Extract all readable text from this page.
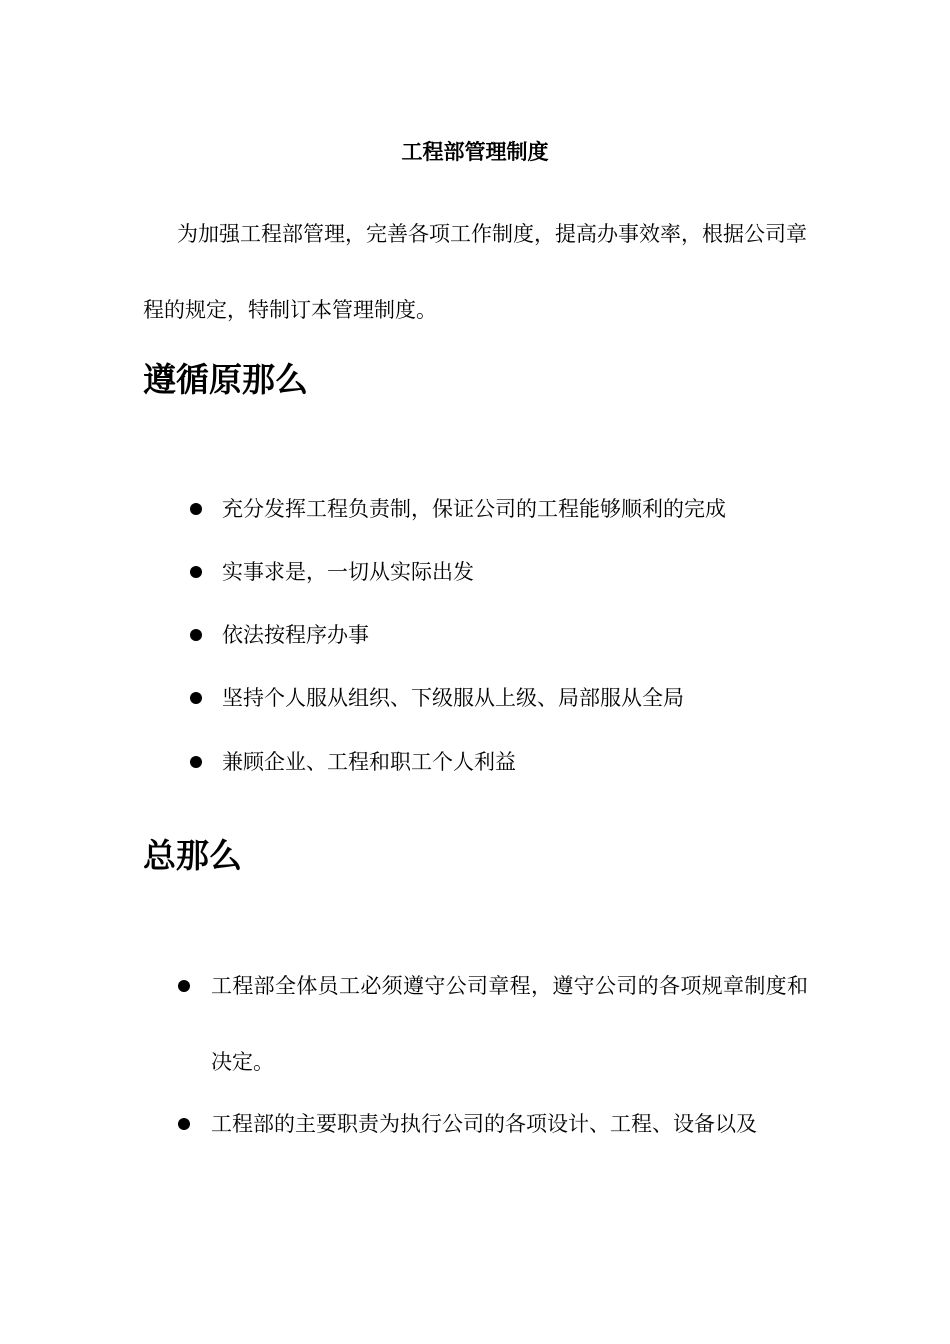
工程部管理制度

为加强工程部管理，完善各项工作制度，提高办事效率，根据公司章程的规定，特制订本管理制度。

遵循原那么
充分发挥工程负责制，保证公司的工程能够顺利的完成
实事求是，一切从实际出发
依法按程序办事
坚持个人服从组织、下级服从上级、局部服从全局
兼顾企业、工程和职工个人利益
总那么
工程部全体员工必须遵守公司章程，遵守公司的各项规章制度和决定。
工程部的主要职责为执行公司的各项设计、工程、设备以及
